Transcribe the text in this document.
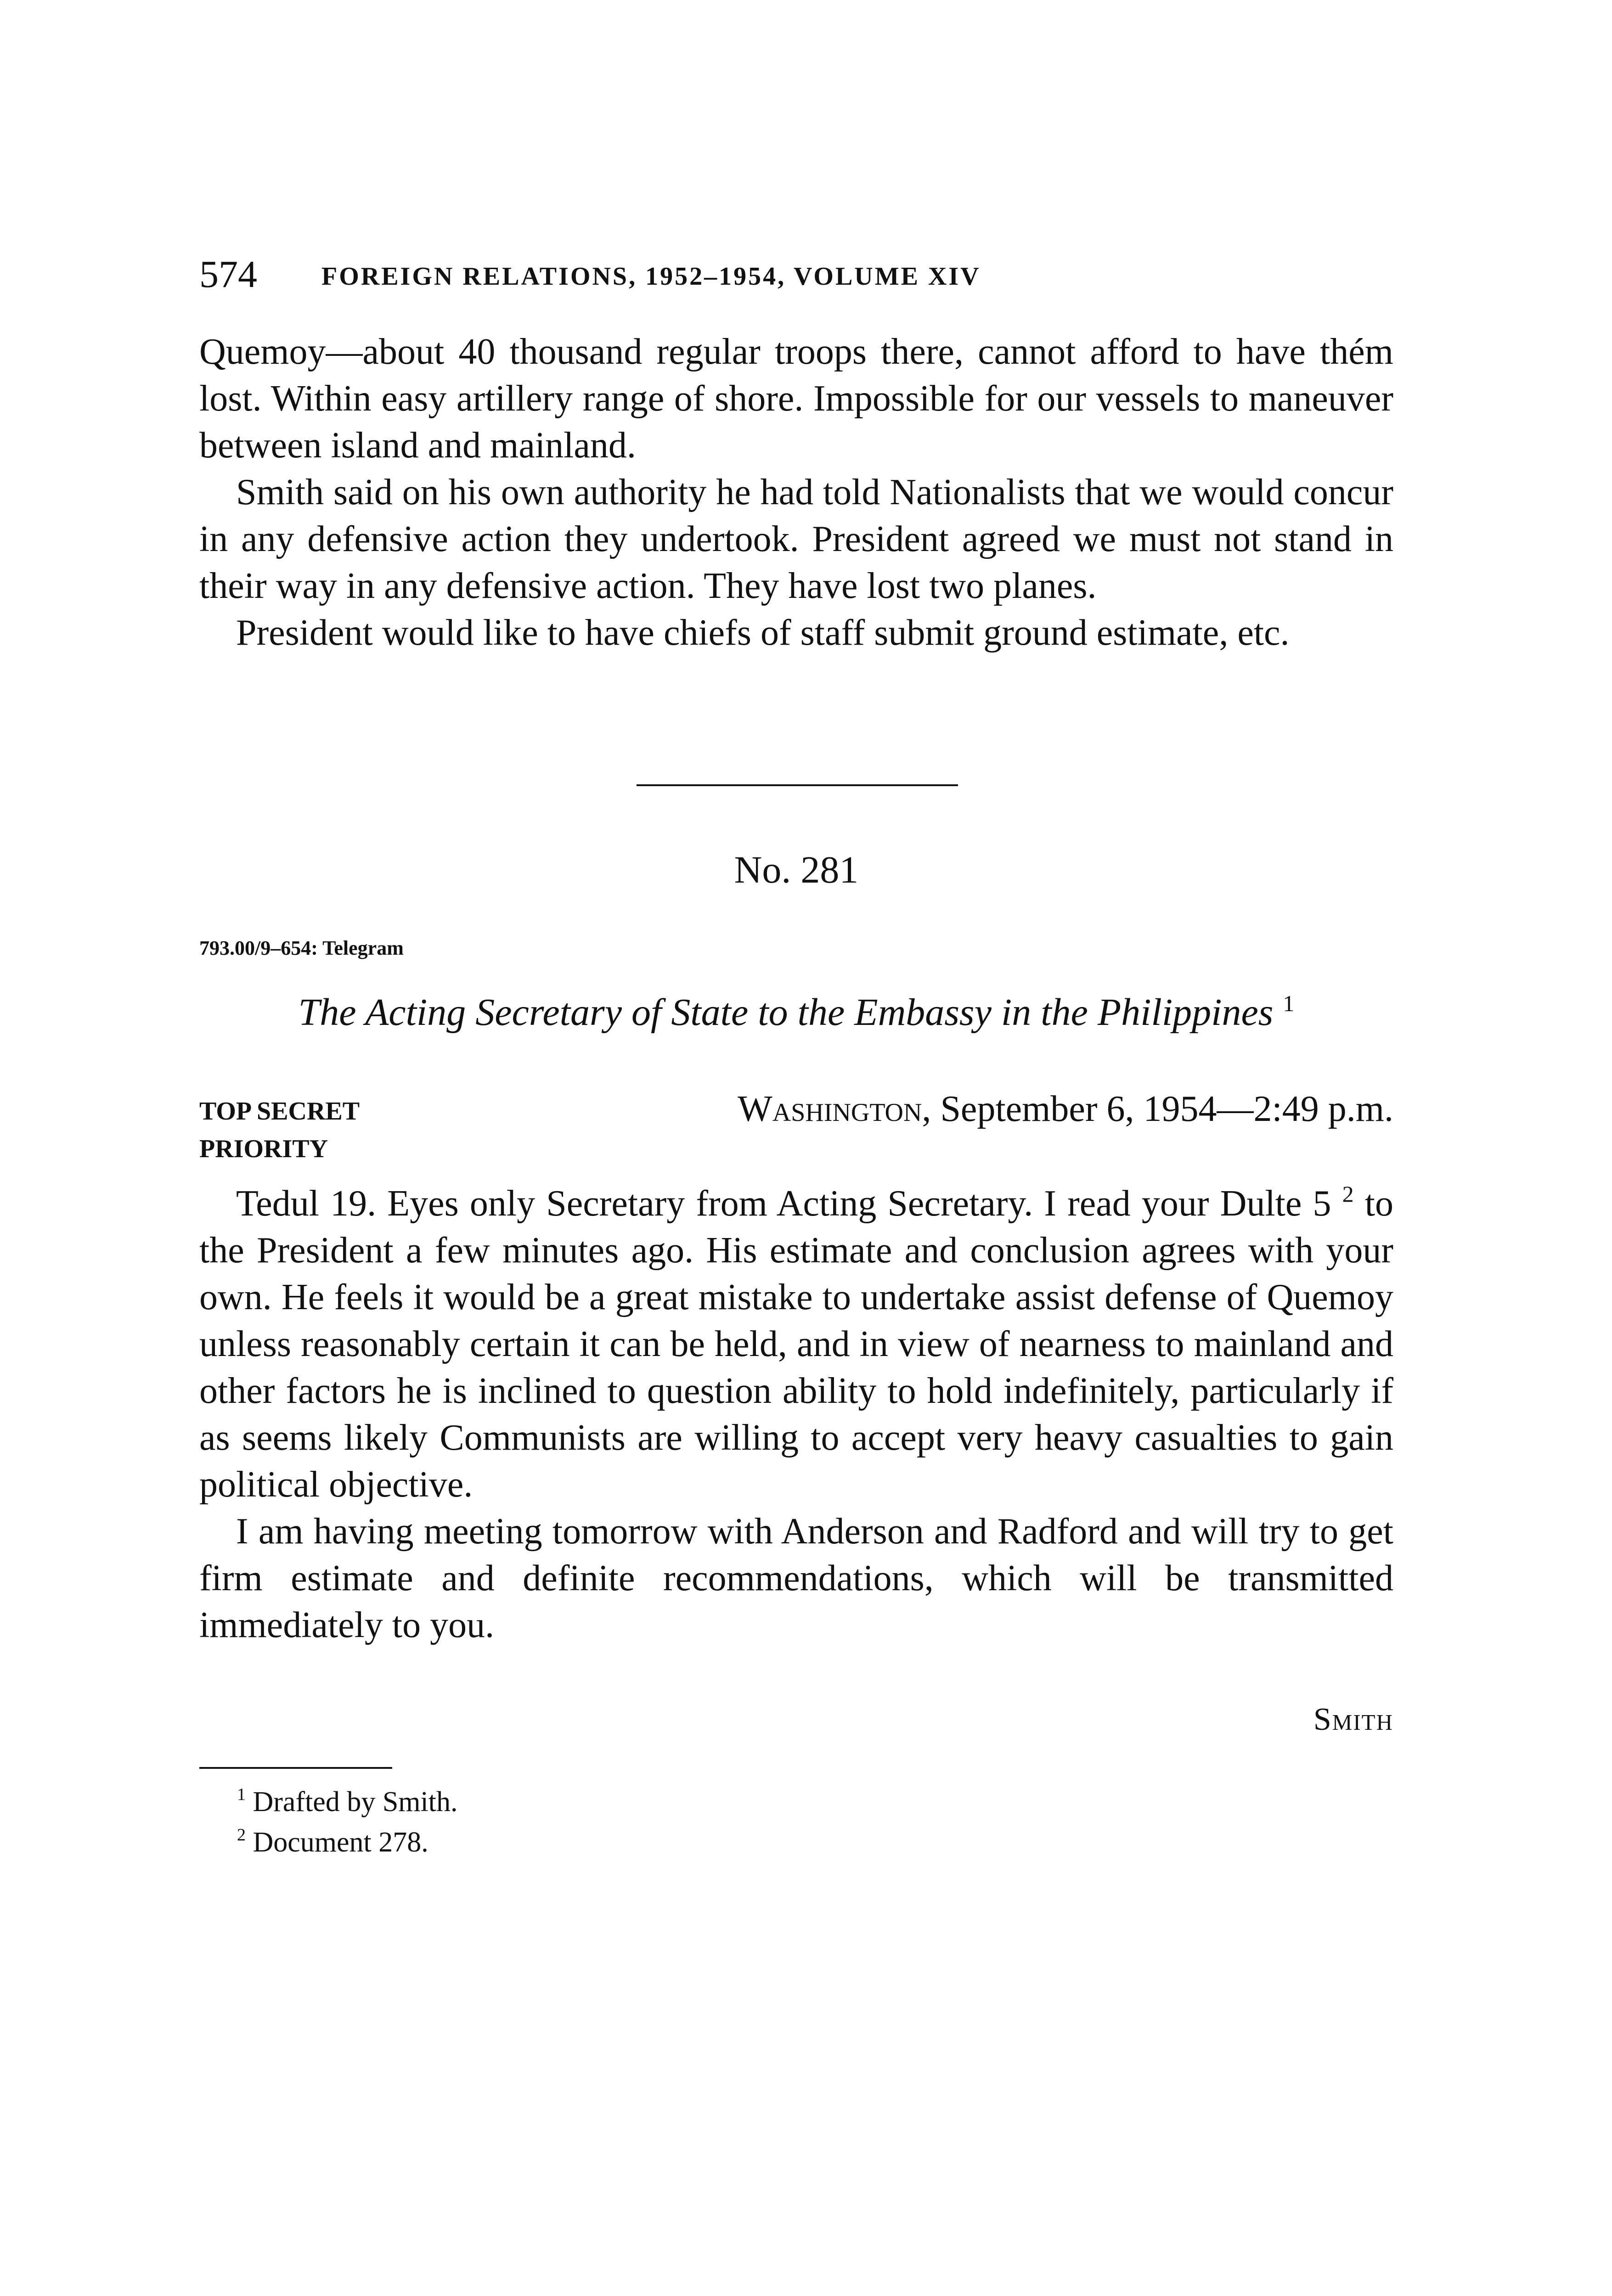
574	FOREIGN RELATIONS, 1952–1954, VOLUME XIV

Quemoy—about 40 thousand regular troops there, cannot afford to have thém lost. Within easy artillery range of shore. Impossible for our vessels to maneuver between island and mainland.

Smith said on his own authority he had told Nationalists that we would concur in any defensive action they undertook. President agreed we must not stand in their way in any defensive action. They have lost two planes.

President would like to have chiefs of staff submit ground estimate, etc.

No. 281
793.00/9–654: Telegram
The Acting Secretary of State to the Embassy in the Philippines $^1$
TOP SECRET
PRIORITY
Washington, September 6, 1954—2:49 p.m.

Tedul 19. Eyes only Secretary from Acting Secretary. I read your Dulte 5 $^2$ to the President a few minutes ago. His estimate and conclusion agrees with your own. He feels it would be a great mistake to undertake assist defense of Quemoy unless reasonably certain it can be held, and in view of nearness to mainland and other factors he is inclined to question ability to hold indefinitely, particularly if as seems likely Communists are willing to accept very heavy casualties to gain political objective.

I am having meeting tomorrow with Anderson and Radford and will try to get firm estimate and definite recommendations, which will be transmitted immediately to you.

Smith
$^1$ Drafted by Smith.
$^2$ Document 278.
